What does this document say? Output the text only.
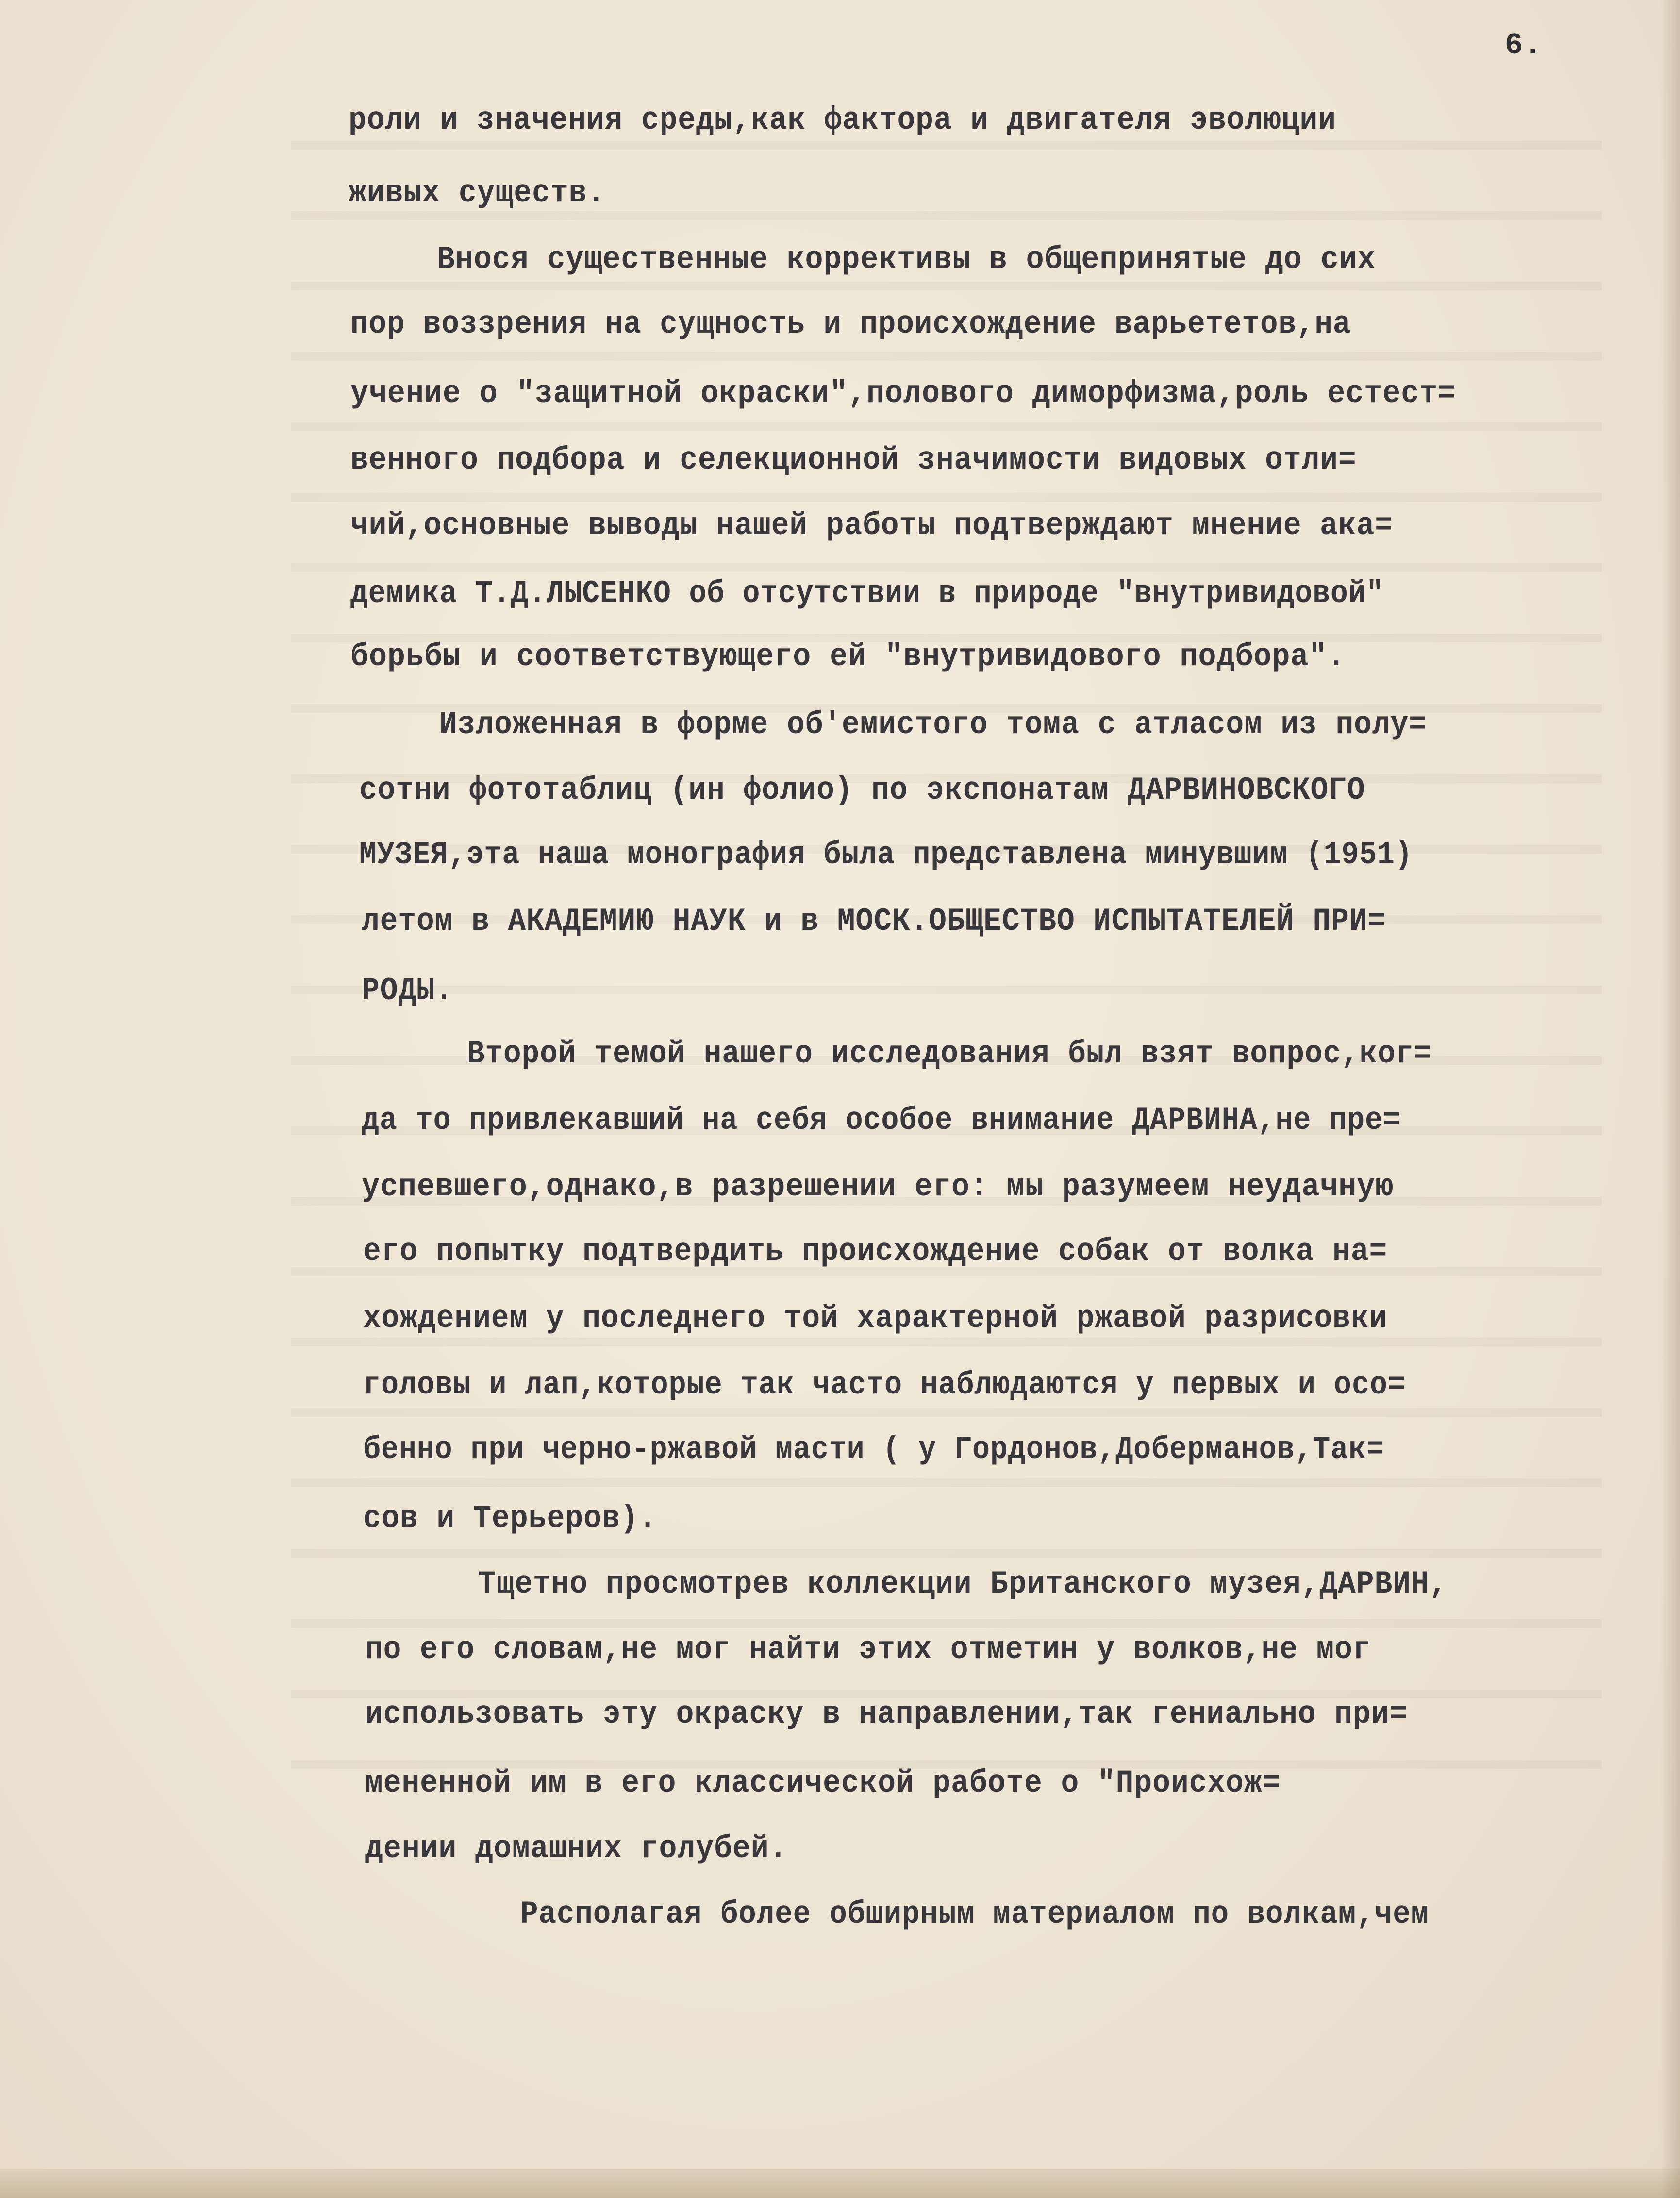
6.
роли и значения среды,как фактора и двигателя эволюции
живых существ.
Внося существенные коррективы в общепринятые до сих
пор воззрения на сущность и происхождение варьететов,на
учение о "защитной окраски",полового диморфизма,роль естест=
венного подбора и селекционной значимости видовых отли=
чий,основные выводы нашей работы подтверждают мнение ака=
демика Т.Д.ЛЫСЕНКО об отсутствии в природе "внутривидовой"
борьбы и соответствующего ей "внутривидового подбора".
Изложенная в форме об'емистого тома с атласом из полу=
сотни фототаблиц (ин фолио) по экспонатам ДАРВИНОВСКОГО
МУЗЕЯ,эта наша монография была представлена минувшим (1951)
летом в АКАДЕМИЮ НАУК и в МОСК.ОБЩЕСТВО ИСПЫТАТЕЛЕЙ ПРИ=
РОДЫ.
Второй темой нашего исследования был взят вопрос,ког=
да то привлекавший на себя особое внимание ДАРВИНА,не пре=
успевшего,однако,в разрешении его: мы разумеем неудачную
его попытку подтвердить происхождение собак от волка на=
хождением у последнего той характерной ржавой разрисовки
головы и лап,которые так часто наблюдаются у первых и осо=
бенно при черно-ржавой масти ( у Гордонов,Доберманов,Так=
сов и Терьеров).
Тщетно просмотрев коллекции Британского музея,ДАРВИН,
по его словам,не мог найти этих отметин у волков,не мог
использовать эту окраску в направлении,так гениально при=
мененной им в его классической работе о "Происхож=
дении домашних голубей.
Располагая более обширным материалом по волкам,чем
